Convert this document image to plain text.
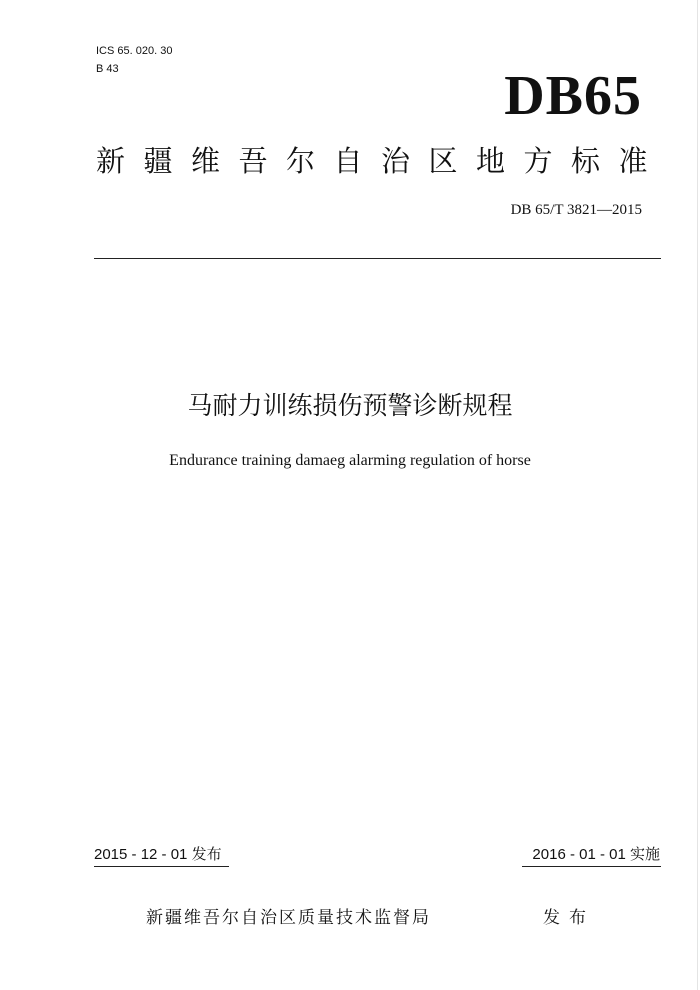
ICS 65. 020. 30
B 43	DB65
新疆维吾尔自治区地方标准
DB 65/T 3821—2015
马耐力训练损伤预警诊断规程
Endurance training damaeg alarming regulation of horse
2015 - 12 - 01 发布	2016 - 01 - 01 实施
新疆维吾尔自治区质量技术监督局	发布
